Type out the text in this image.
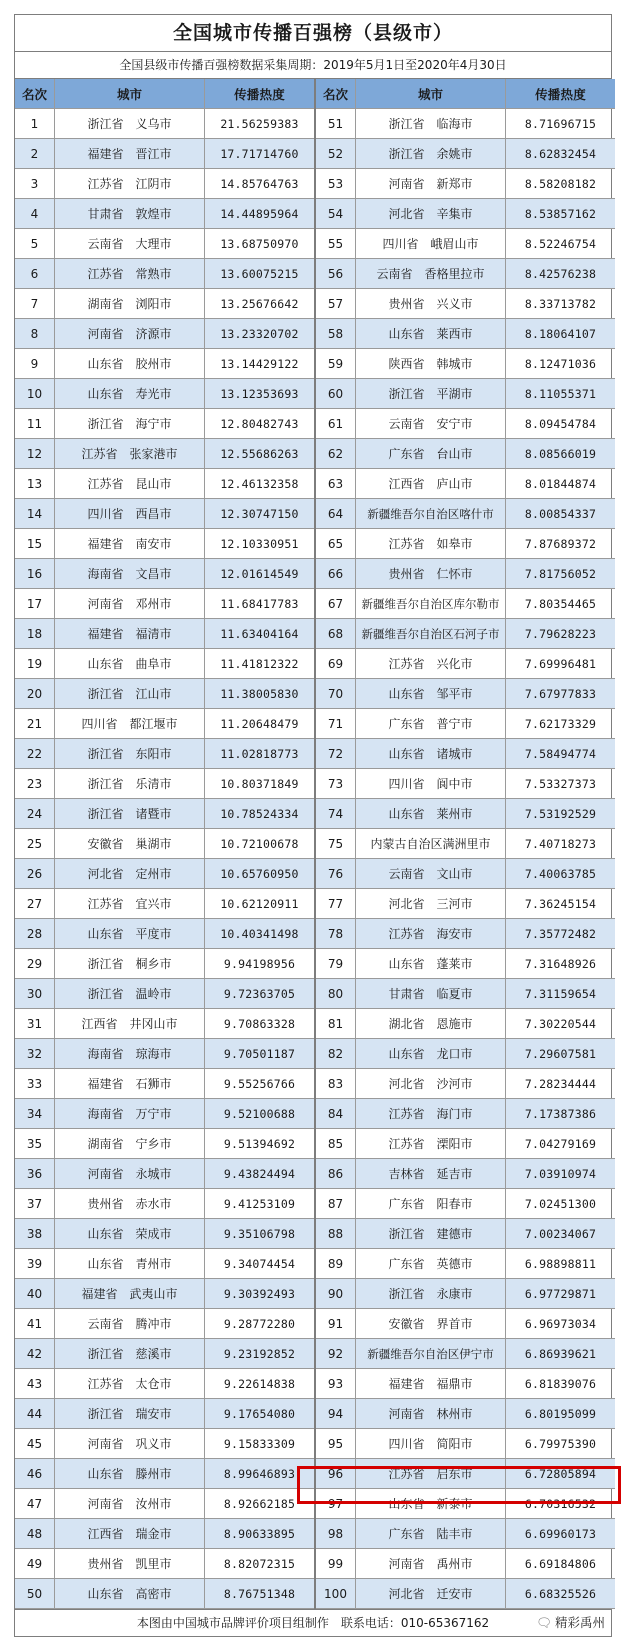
全国城市传播百强榜（县级市）
全国县级市传播百强榜数据采集周期：2019年5月1日至2020年4月30日
名次	城市	传播热度
1	浙江省　义乌市	21.56259383
2	福建省　晋江市	17.71714760
3	江苏省　江阴市	14.85764763
4	甘肃省　敦煌市	14.44895964
5	云南省　大理市	13.68750970
6	江苏省　常熟市	13.60075215
7	湖南省　浏阳市	13.25676642
8	河南省　济源市	13.23320702
9	山东省　胶州市	13.14429122
10	山东省　寿光市	13.12353693
11	浙江省　海宁市	12.80482743
12	江苏省　张家港市	12.55686263
13	江苏省　昆山市	12.46132358
14	四川省　西昌市	12.30747150
15	福建省　南安市	12.10330951
16	海南省　文昌市	12.01614549
17	河南省　邓州市	11.68417783
18	福建省　福清市	11.63404164
19	山东省　曲阜市	11.41812322
20	浙江省　江山市	11.38005830
21	四川省　都江堰市	11.20648479
22	浙江省　东阳市	11.02818773
23	浙江省　乐清市	10.80371849
24	浙江省　诸暨市	10.78524334
25	安徽省　巢湖市	10.72100678
26	河北省　定州市	10.65760950
27	江苏省　宜兴市	10.62120911
28	山东省　平度市	10.40341498
29	浙江省　桐乡市	9.94198956
30	浙江省　温岭市	9.72363705
31	江西省　井冈山市	9.70863328
32	海南省　琼海市	9.70501187
33	福建省　石狮市	9.55256766
34	海南省　万宁市	9.52100688
35	湖南省　宁乡市	9.51394692
36	河南省　永城市	9.43824494
37	贵州省　赤水市	9.41253109
38	山东省　荣成市	9.35106798
39	山东省　青州市	9.34074454
40	福建省　武夷山市	9.30392493
41	云南省　腾冲市	9.28772280
42	浙江省　慈溪市	9.23192852
43	江苏省　太仓市	9.22614838
44	浙江省　瑞安市	9.17654080
45	河南省　巩义市	9.15833309
46	山东省　滕州市	8.99646893
47	河南省　汝州市	8.92662185
48	江西省　瑞金市	8.90633895
49	贵州省　凯里市	8.82072315
50	山东省　高密市	8.76751348
名次	城市	传播热度
51	浙江省　临海市	8.71696715
52	浙江省　余姚市	8.62832454
53	河南省　新郑市	8.58208182
54	河北省　辛集市	8.53857162
55	四川省　峨眉山市	8.52246754
56	云南省　香格里拉市	8.42576238
57	贵州省　兴义市	8.33713782
58	山东省　莱西市	8.18064107
59	陕西省　韩城市	8.12471036
60	浙江省　平湖市	8.11055371
61	云南省　安宁市	8.09454784
62	广东省　台山市	8.08566019
63	江西省　庐山市	8.01844874
64	新疆维吾尔自治区喀什市	8.00854337
65	江苏省　如皋市	7.87689372
66	贵州省　仁怀市	7.81756052
67	新疆维吾尔自治区库尔勒市	7.80354465
68	新疆维吾尔自治区石河子市	7.79628223
69	江苏省　兴化市	7.69996481
70	山东省　邹平市	7.67977833
71	广东省　普宁市	7.62173329
72	山东省　诸城市	7.58494774
73	四川省　阆中市	7.53327373
74	山东省　莱州市	7.53192529
75	内蒙古自治区满洲里市	7.40718273
76	云南省　文山市	7.40063785
77	河北省　三河市	7.36245154
78	江苏省　海安市	7.35772482
79	山东省　蓬莱市	7.31648926
80	甘肃省　临夏市	7.31159654
81	湖北省　恩施市	7.30220544
82	山东省　龙口市	7.29607581
83	河北省　沙河市	7.28234444
84	江苏省　海门市	7.17387386
85	江苏省　溧阳市	7.04279169
86	吉林省　延吉市	7.03910974
87	广东省　阳春市	7.02451300
88	浙江省　建德市	7.00234067
89	广东省　英德市	6.98898811
90	浙江省　永康市	6.97729871
91	安徽省　界首市	6.96973034
92	新疆维吾尔自治区伊宁市	6.86939621
93	福建省　福鼎市	6.81839076
94	河南省　林州市	6.80195099
95	四川省　简阳市	6.79975390
96	江苏省　启东市	6.72805894
97	山东省　新泰市	6.70316532
98	广东省　陆丰市	6.69960173
99	河南省　禹州市	6.69184806
100	河北省　迁安市	6.68325526
本图由中国城市品牌评价项目组制作　联系电话：010-65367162	🗨 精彩禹州
